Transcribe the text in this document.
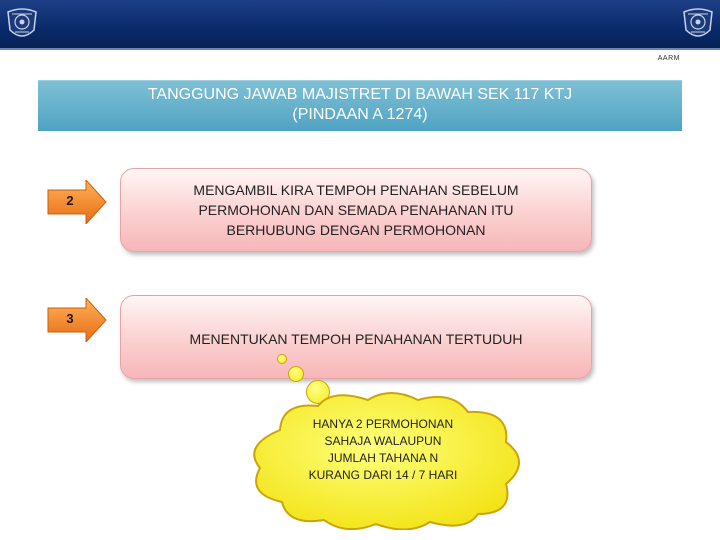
AARM
TANGGUNG JAWAB MAJISTRET DI BAWAH SEK 117 KTJ
(PINDAAN A 1274)
2
MENGAMBIL KIRA TEMPOH PENAHAN SEBELUM
PERMOHONAN DAN SEMADA PENAHANAN ITU
BERHUBUNG DENGAN PERMOHONAN
3
MENENTUKAN TEMPOH PENAHANAN TERTUDUH
HANYA 2 PERMOHONAN
SAHAJA WALAUPUN
JUMLAH TAHANA N
KURANG DARI 14 / 7 HARI
